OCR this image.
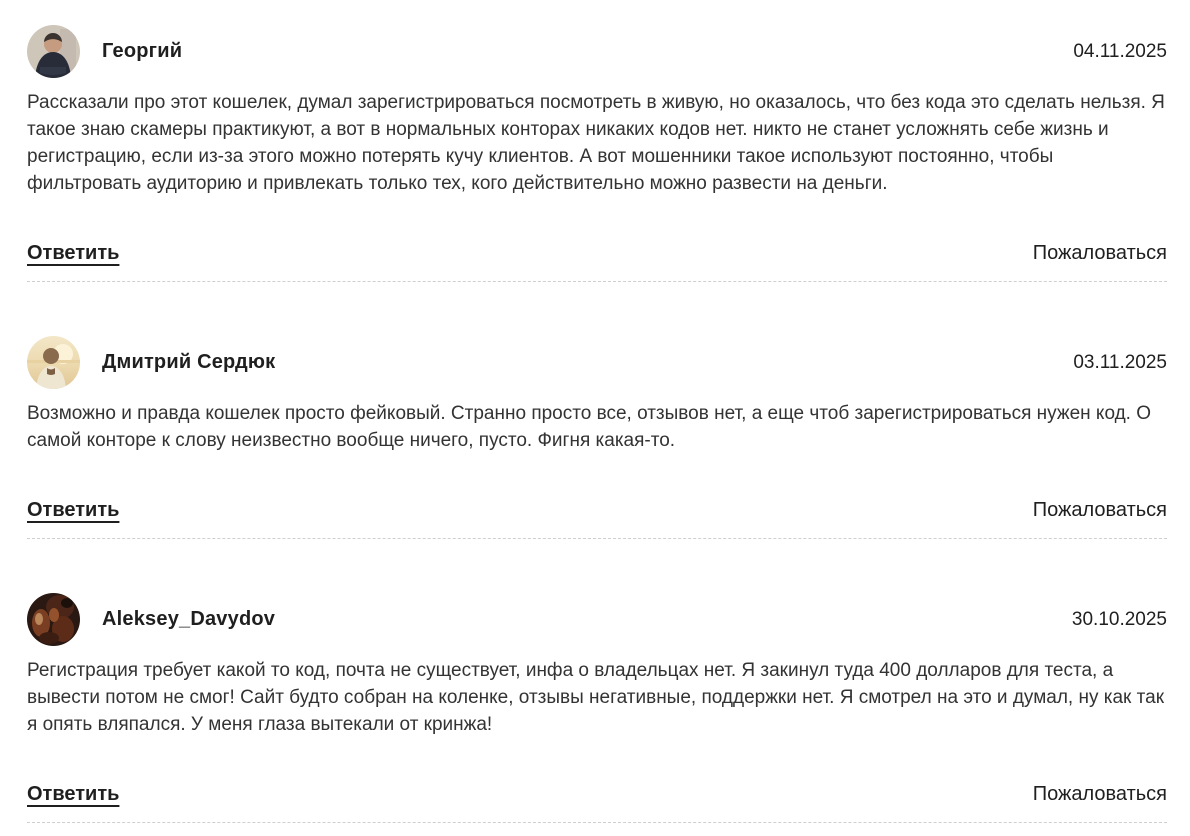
Георгий	04.11.2025

Рассказали про этот кошелек, думал зарегистрироваться посмотреть в живую, но оказалось, что без кода это сделать нельзя. Я такое знаю скамеры практикуют, а вот в нормальных конторах никаких кодов нет. никто не станет усложнять себе жизнь и регистрацию, если из-за этого можно потерять кучу клиентов. А вот мошенники такое используют постоянно, чтобы фильтровать аудиторию и привлекать только тех, кого действительно можно развести на деньги.

Ответить	Пожаловаться
Дмитрий Сердюк	03.11.2025

Возможно и правда кошелек просто фейковый. Странно просто все, отзывов нет, а еще чтоб зарегистрироваться нужен код. О самой конторе к слову неизвестно вообще ничего, пусто. Фигня какая-то.

Ответить	Пожаловаться
Aleksey_Davydov	30.10.2025

Регистрация требует какой то код, почта не существует, инфа о владельцах нет. Я закинул туда 400 долларов для теста, а вывести потом не смог! Сайт будто собран на коленке, отзывы негативные, поддержки нет. Я смотрел на это и думал, ну как так я опять вляпался. У меня глаза вытекали от кринжа!

Ответить	Пожаловаться
